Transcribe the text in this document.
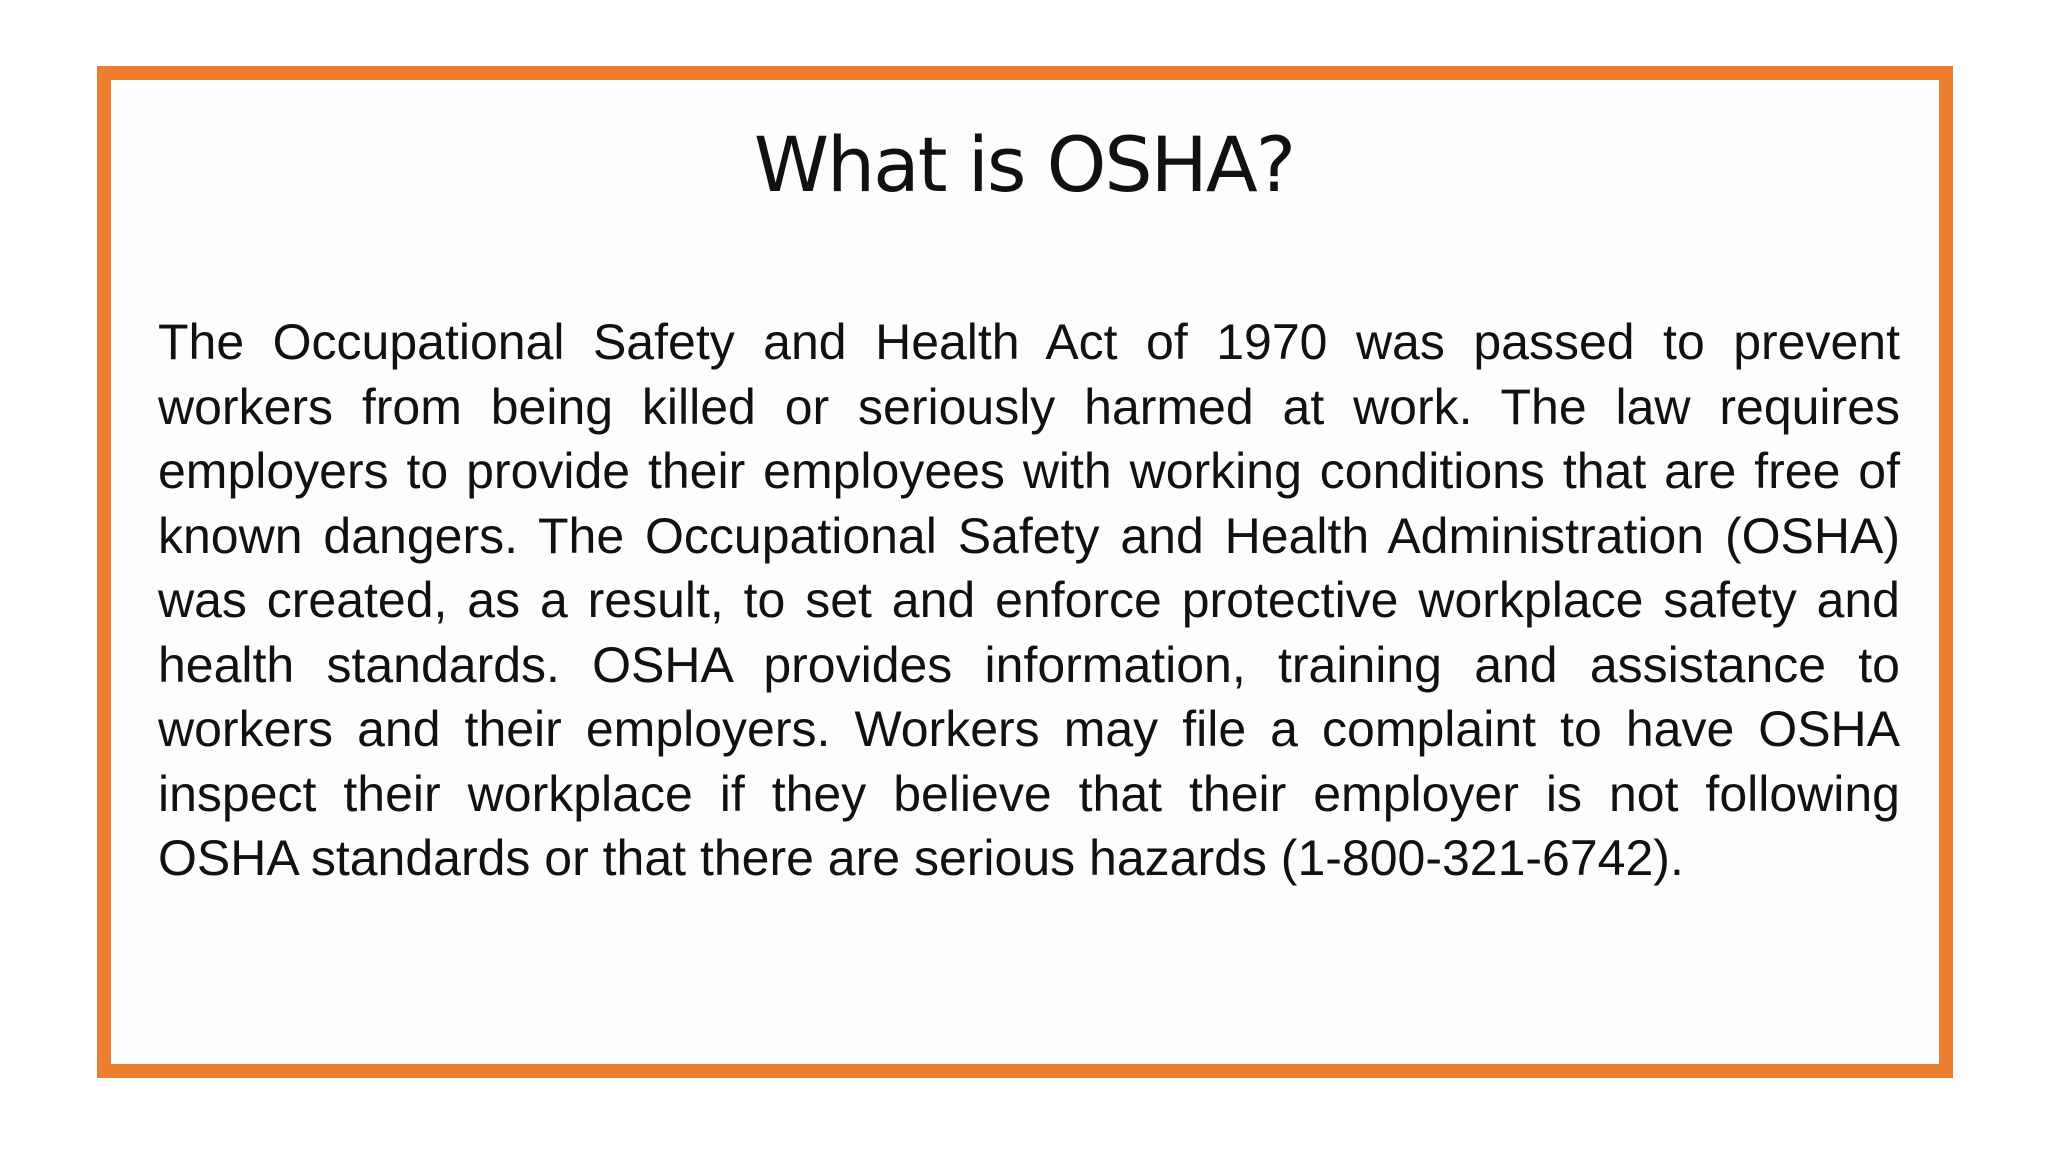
What is OSHA?

The Occupational Safety and Health Act of 1970 was passed to prevent workers from being killed or seriously harmed at work. The law requires employers to provide their employees with working conditions that are free of known dangers. The Occupational Safety and Health Administration (OSHA) was created, as a result, to set and enforce protective workplace safety and health standards. OSHA provides information, training and assistance to workers and their employers. Workers may file a complaint to have OSHA inspect their workplace if they believe that their employer is not following OSHA standards or that there are serious hazards (1-800-321-6742).
